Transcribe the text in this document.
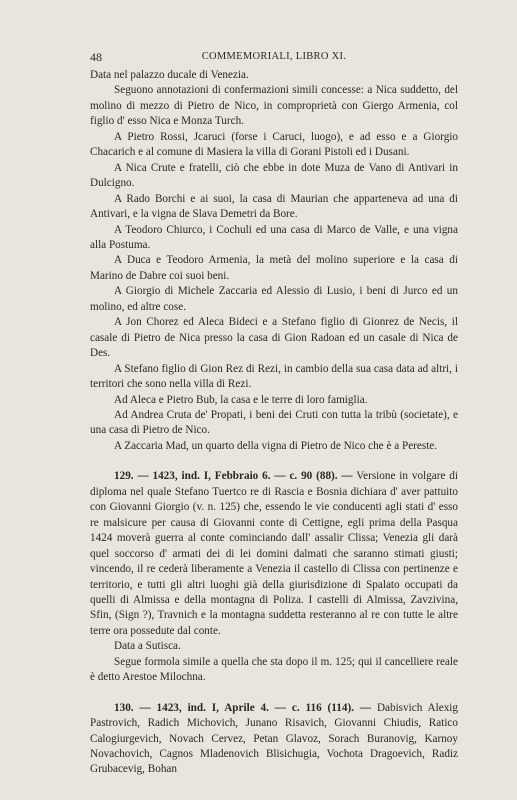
48	COMMEMORIALI, LIBRO XI.

Data nel palazzo ducale di Venezia.

Seguono annotazioni di confermazioni simili concesse: a Nica suddetto, del molino di mezzo di Pietro de Nico, in comproprietà con Giergo Armenia, col figlio d' esso Nica e Monza Turch.

A Pietro Rossi, Jcaruci (forse i Caruci, luogo), e ad esso e a Giorgio Chacarich e al comune di Masiera la villa di Gorani Pistoli ed i Dusani.

A Nica Crute e fratelli, ciò che ebbe in dote Muza de Vano di Antivari in Dulcigno.

A Rado Borchi e ai suoi, la casa di Maurian che apparteneva ad una di Antivari, e la vigna de Slava Demetri da Bore.

A Teodoro Chiurco, i Cochuli ed una casa di Marco de Valle, e una vigna alla Postuma.

A Duca e Teodoro Armenia, la metà del molino superiore e la casa di Marino de Dabre coi suoi beni.

A Giorgio di Michele Zaccaria ed Alessio di Lusio, i beni di Jurco ed un molino, ed altre cose.

A Jon Chorez ed Aleca Bideci e a Stefano figlio di Gionrez de Necis, il casale di Pietro de Nica presso la casa di Gion Radoan ed un casale di Nica de Des.

A Stefano figlio di Gion Rez di Rezi, in cambio della sua casa data ad altri, i territori che sono nella villa di Rezi.

Ad Aleca e Pietro Bub, la casa e le terre di loro famiglia.

Ad Andrea Cruta de' Propati, i beni dei Cruti con tutta la tribù (societate), e una casa di Pietro de Nico.

A Zaccaria Mad, un quarto della vigna di Pietro de Nico che è a Pereste.

129. — 1423, ind. I, Febbraio 6. — c. 90 (88). — Versione in volgare di diploma nel quale Stefano Tuertco re di Rascia e Bosnia dichiara d' aver pattuito con Giovanni Giorgio (v. n. 125) che, essendo le vie conducenti agli stati d' esso re malsicure per causa di Giovanni conte di Cettigne, egli prima della Pasqua 1424 moverà guerra al conte cominciando dall' assalir Clissa; Venezia gli darà quel soccorso d' armati dei di lei domini dalmati che saranno stimati giusti; vincendo, il re cederà liberamente a Venezia il castello di Clissa con pertinenze e territorio, e tutti gli altri luoghi già della giurisdizione di Spalato occupati da quelli di Almissa e della montagna di Poliza. I castelli di Almissa, Zavzivina, Sfin, (Sign ?), Travnich e la montagna suddetta resteranno al re con tutte le altre terre ora possedute dal conte.

Data a Sutisca.

Segue formola simile a quella che sta dopo il m. 125; qui il cancelliere reale è detto Arestoe Milochna.

130. — 1423, ind. I, Aprile 4. — c. 116 (114). — Dabisvich Alexig Pastrovich, Radich Michovich, Junano Risavich, Giovanni Chiudis, Ratico Calogiurgevich, Novach Cervez, Petan Glavoz, Sorach Buranovig, Karnoy Novachovich, Cagnos Mladenovich Blisichugia, Vochota Dragoevich, Radiz Grubacevig, Bohan
